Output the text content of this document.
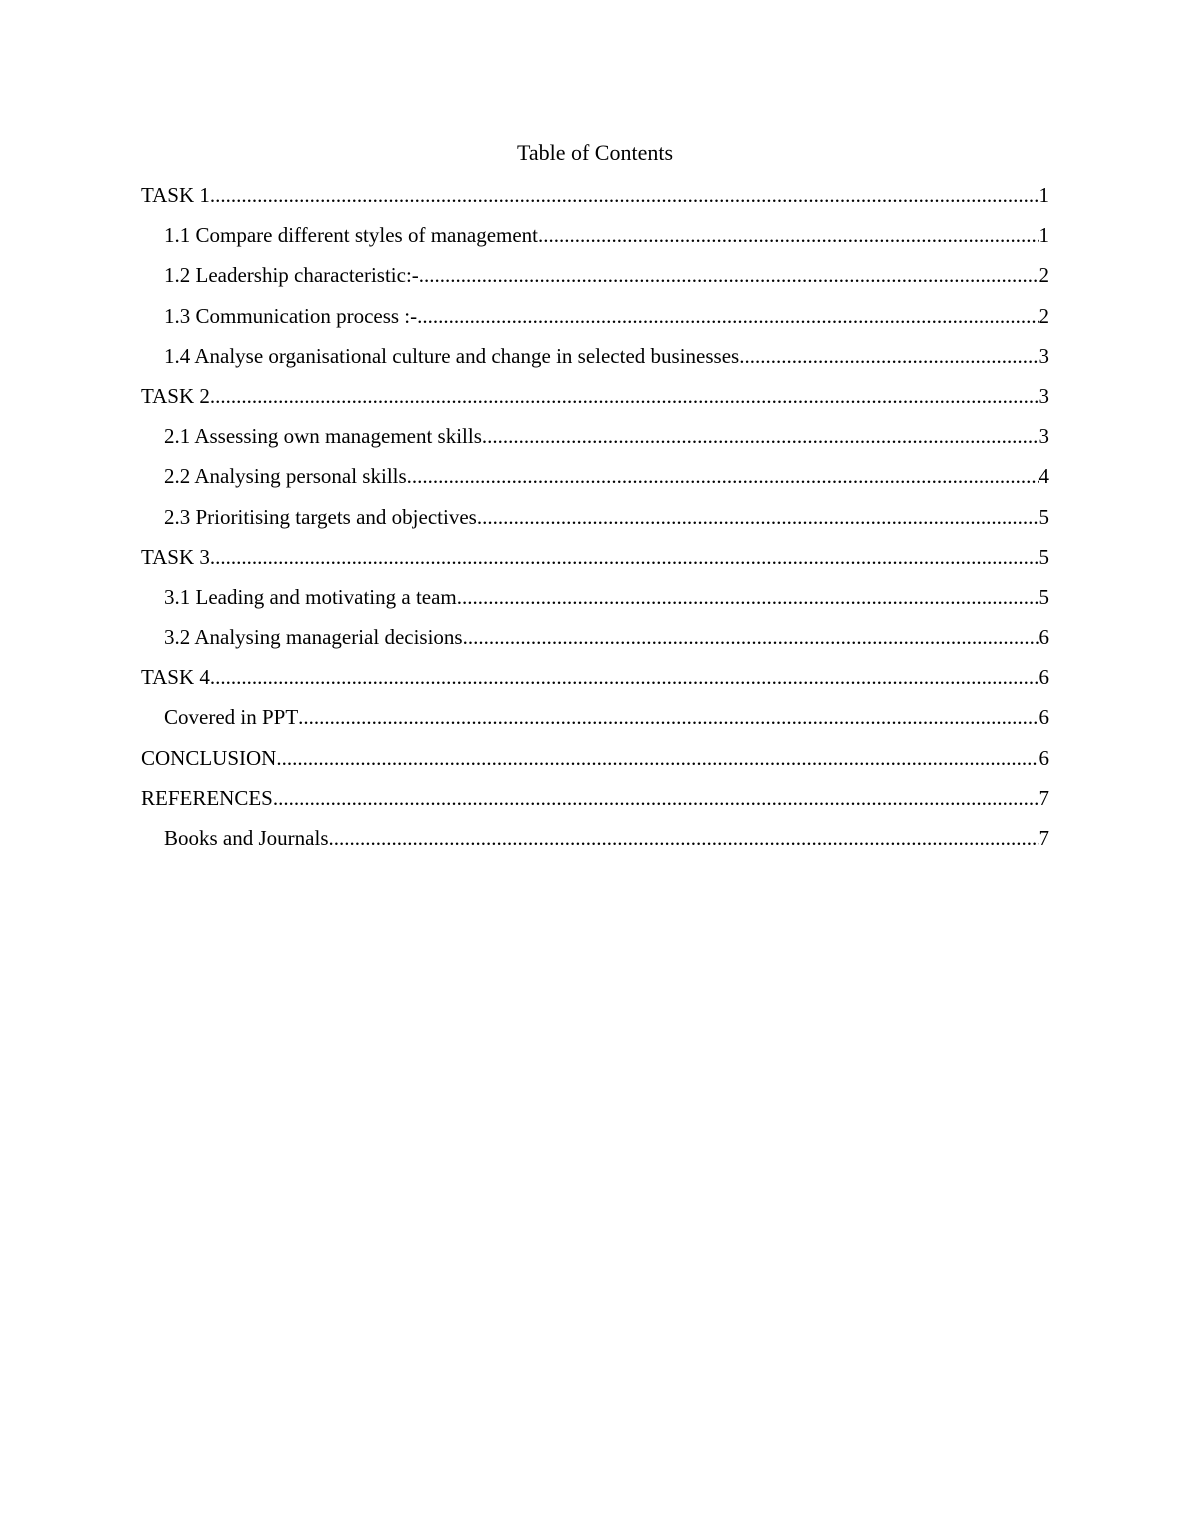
Table of Contents
TASK 1 .....	1
1.1 Compare different styles of management .....	1
1.2 Leadership characteristic:- .....	2
1.3 Communication process :- .....	2
1.4 Analyse organisational culture and change in selected businesses .....	3
TASK 2 .....	3
2.1 Assessing own management skills .....	3
2.2 Analysing personal skills .....	4
2.3 Prioritising targets and objectives .....	5
TASK 3 .....	5
3.1 Leading and motivating a team .....	5
3.2 Analysing managerial decisions .....	6
TASK 4 .....	6
Covered in PPT .....	6
CONCLUSION .....	6
REFERENCES .....	7
Books and Journals .....	7
